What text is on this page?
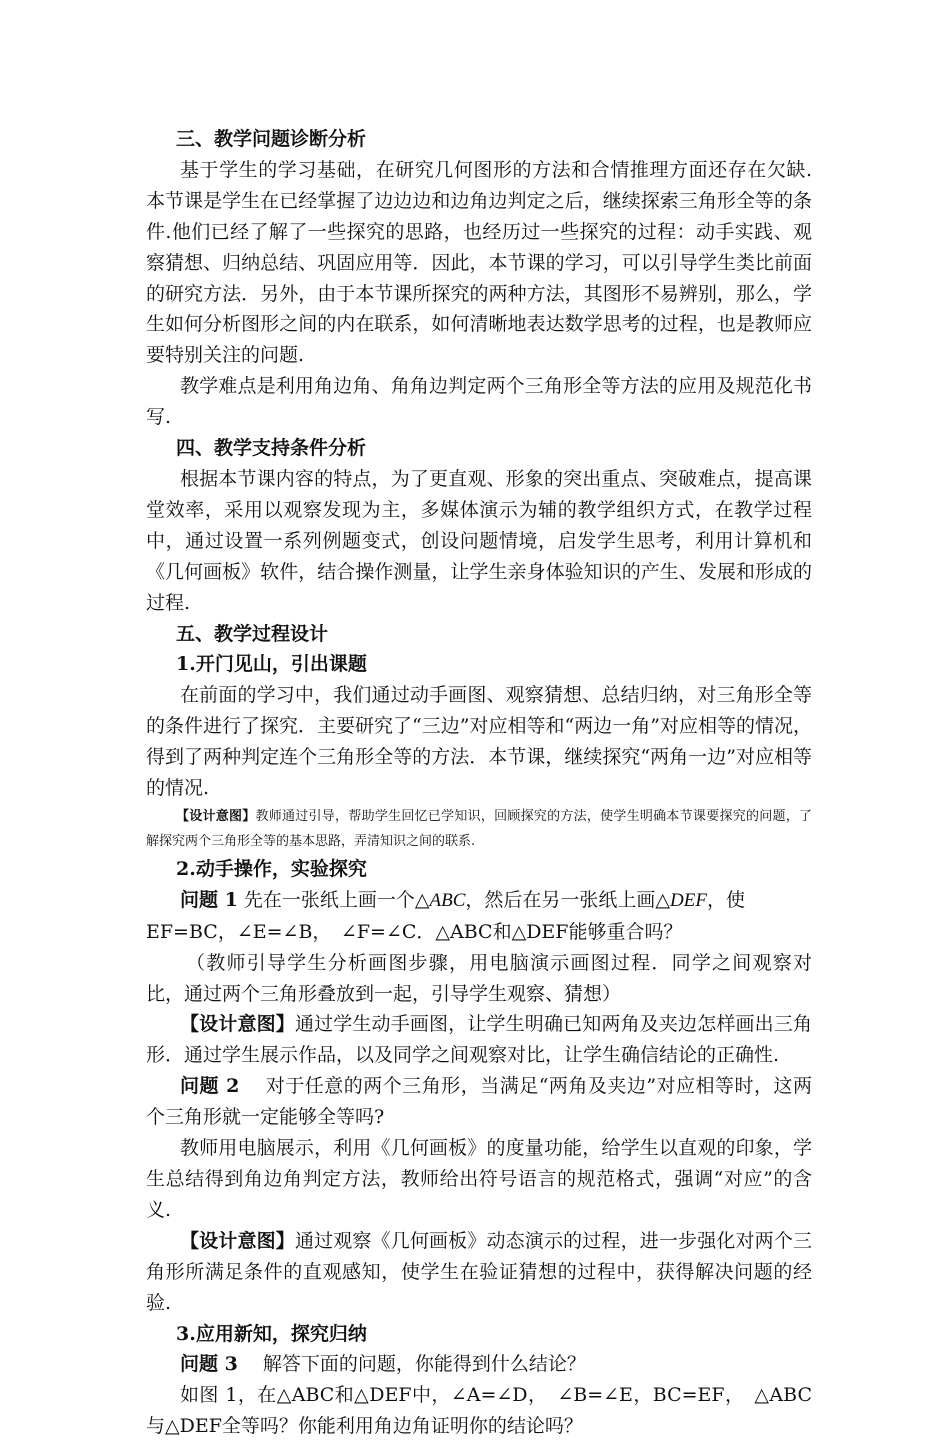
三、教学问题诊断分析

基于学生的学习基础，在研究几何图形的方法和合情推理方面还存在欠缺.本节课是学生在已经掌握了边边边和边角边判定之后，继续探索三角形全等的条件.他们已经了解了一些探究的思路，也经历过一些探究的过程：动手实践、观察猜想、归纳总结、巩固应用等．因此，本节课的学习，可以引导学生类比前面的研究方法．另外，由于本节课所探究的两种方法，其图形不易辨别，那么，学生如何分析图形之间的内在联系，如何清晰地表达数学思考的过程，也是教师应要特别关注的问题.

教学难点是利用角边角、角角边判定两个三角形全等方法的应用及规范化书写.

四、教学支持条件分析

根据本节课内容的特点，为了更直观、形象的突出重点、突破难点，提高课堂效率，采用以观察发现为主，多媒体演示为辅的教学组织方式，在教学过程中，通过设置一系列例题变式，创设问题情境，启发学生思考，利用计算机和《几何画板》软件，结合操作测量，让学生亲身体验知识的产生、发展和形成的过程.

五、教学过程设计

1.开门见山，引出课题

在前面的学习中，我们通过动手画图、观察猜想、总结归纳，对三角形全等的条件进行了探究．主要研究了“三边”对应相等和“两边一角”对应相等的情况，得到了两种判定连个三角形全等的方法．本节课，继续探究“两角一边”对应相等的情况.

【设计意图】教师通过引导，帮助学生回忆已学知识，回顾探究的方法，使学生明确本节课要探究的问题，了解探究两个三角形全等的基本思路，弄清知识之间的联系.

2.动手操作，实验探究

问题 1 先在一张纸上画一个△ABC，然后在另一张纸上画△DEF，使

EF=BC，∠E=∠B，　∠F=∠C．△ABC和△DEF能够重合吗？

（教师引导学生分析画图步骤，用电脑演示画图过程．同学之间观察对比，通过两个三角形叠放到一起，引导学生观察、猜想）

【设计意图】通过学生动手画图，让学生明确已知两角及夹边怎样画出三角形．通过学生展示作品，以及同学之间观察对比，让学生确信结论的正确性.

问题 2　 对于任意的两个三角形，当满足“两角及夹边”对应相等时，这两个三角形就一定能够全等吗?

教师用电脑展示，利用《几何画板》的度量功能，给学生以直观的印象，学生总结得到角边角判定方法，教师给出符号语言的规范格式，强调“对应”的含义.

【设计意图】通过观察《几何画板》动态演示的过程，进一步强化对两个三角形所满足条件的直观感知，使学生在验证猜想的过程中，获得解决问题的经验.

3.应用新知，探究归纳

问题 3　 解答下面的问题，你能得到什么结论？

如图 1，在△ABC和△DEF中，∠A=∠D，　∠B=∠E，BC=EF，　△ABC与△DEF全等吗？你能利用角边角证明你的结论吗？
